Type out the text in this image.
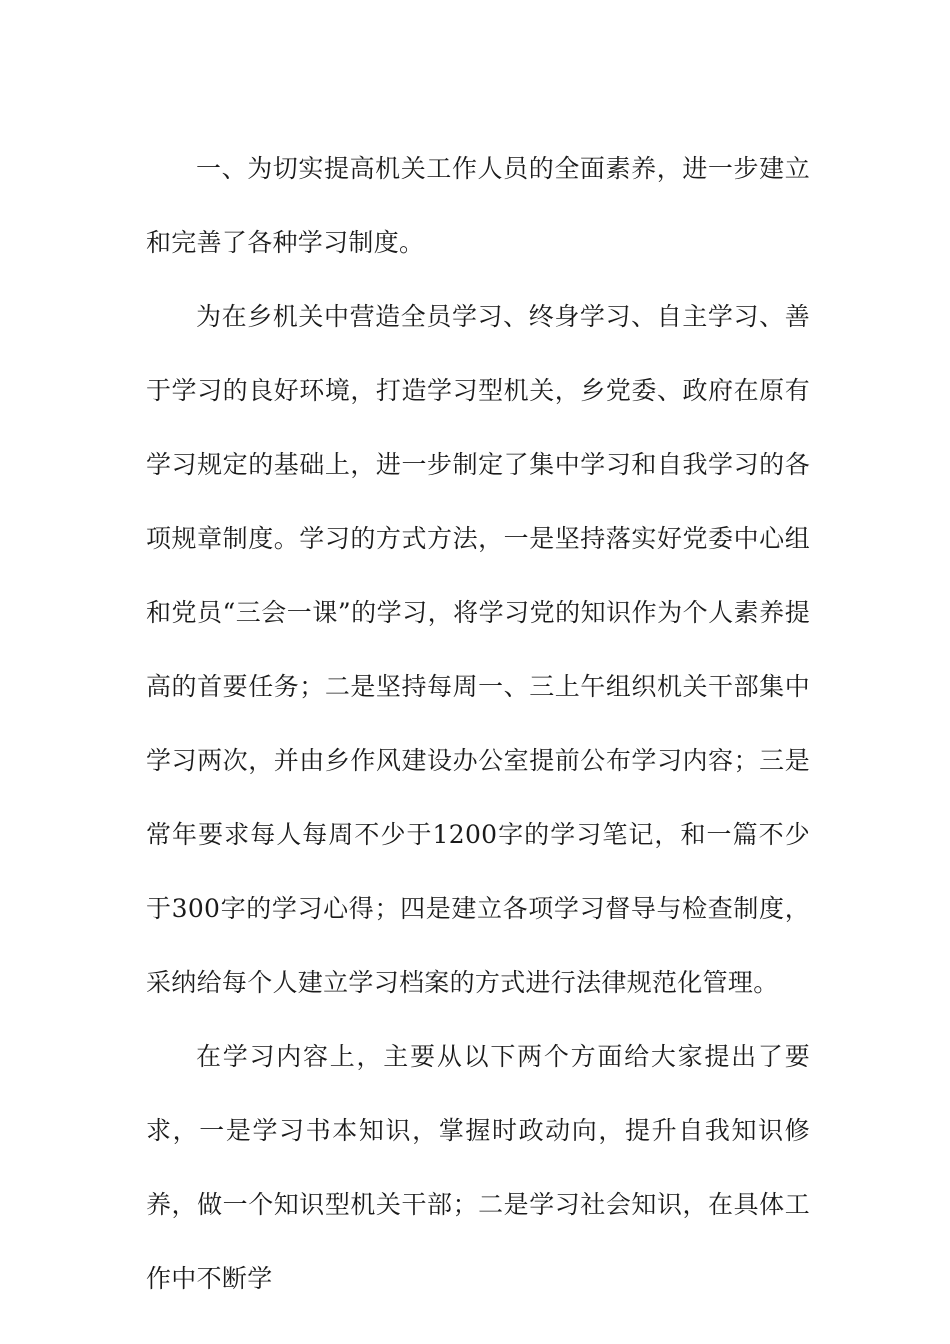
一、为切实提高机关工作人员的全面素养，进一步建立和完善了各种学习制度。

为在乡机关中营造全员学习、终身学习、自主学习、善于学习的良好环境，打造学习型机关，乡党委、政府在原有学习规定的基础上，进一步制定了集中学习和自我学习的各项规章制度。学习的方式方法，一是坚持落实好党委中心组和党员“三会一课”的学习，将学习党的知识作为个人素养提高的首要任务；二是坚持每周一、三上午组织机关干部集中学习两次，并由乡作风建设办公室提前公布学习内容；三是常年要求每人每周不少于1200字的学习笔记，和一篇不少于300字的学习心得；四是建立各项学习督导与检查制度，采纳给每个人建立学习档案的方式进行法律规范化管理。

在学习内容上，主要从以下两个方面给大家提出了要求，一是学习书本知识，掌握时政动向，提升自我知识修养，做一个知识型机关干部；二是学习社会知识，在具体工作中不断学
